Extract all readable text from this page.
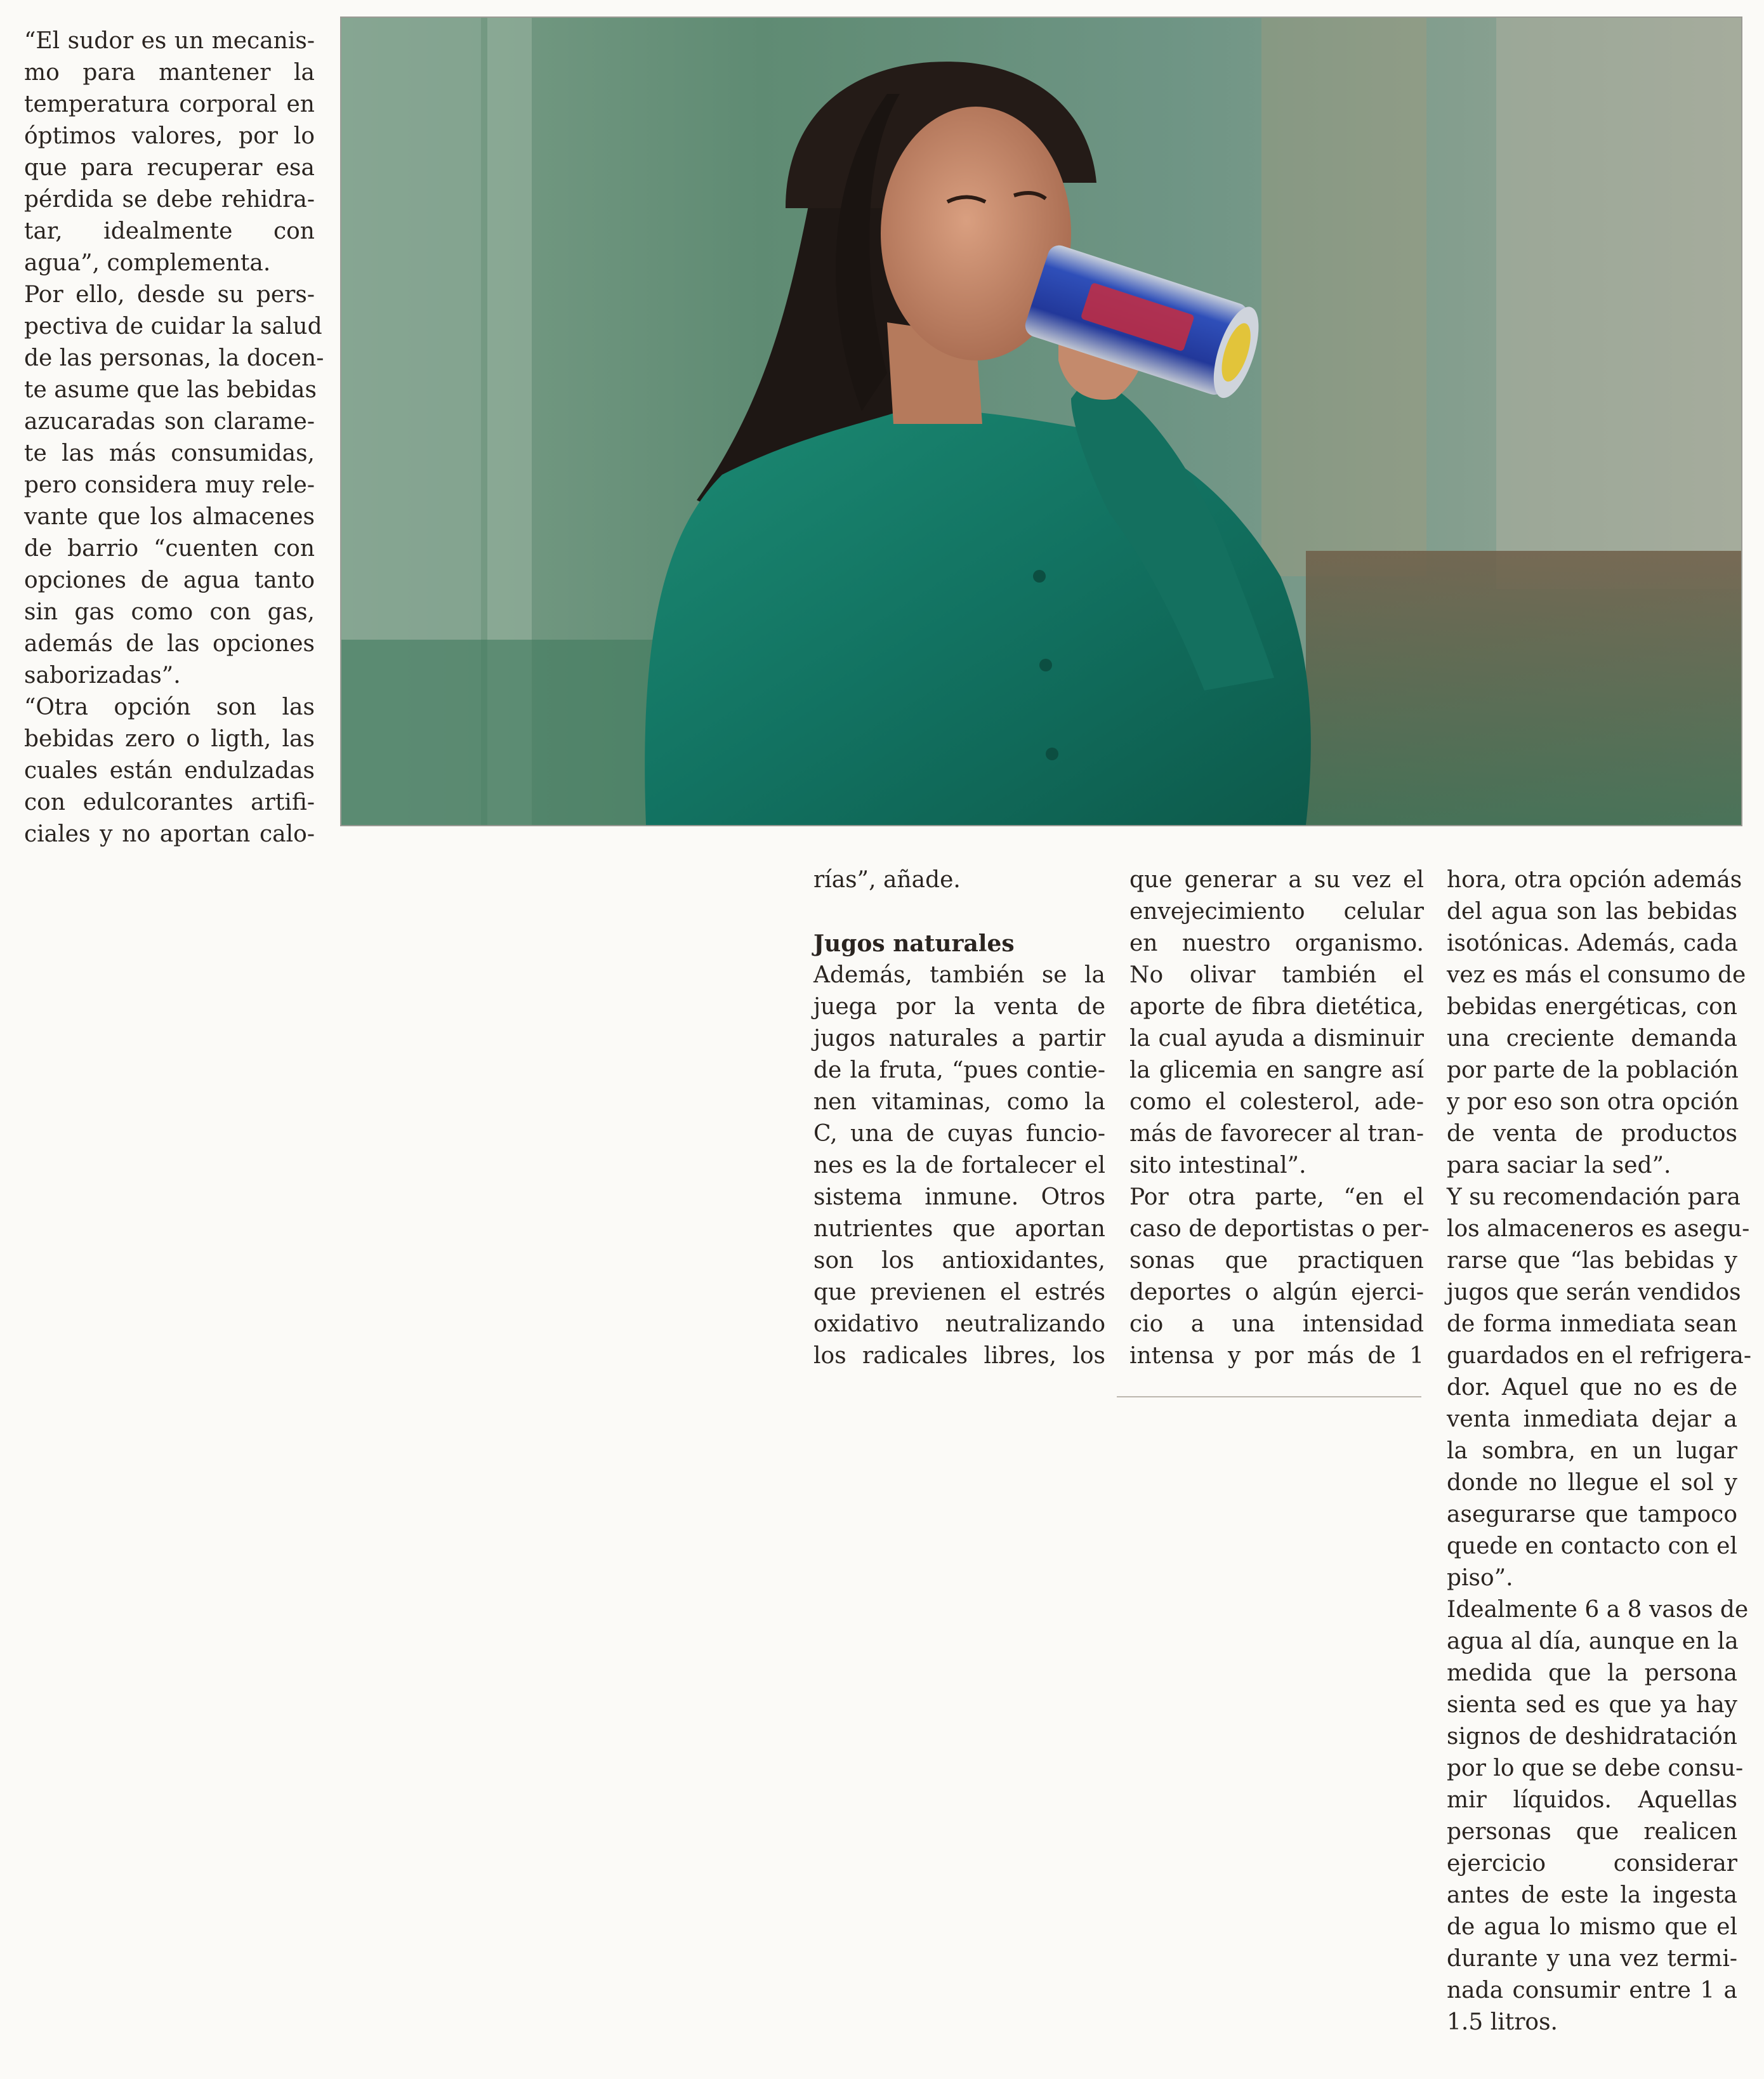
“El sudor es un mecanis-
mo para mantener la
temperatura corporal en
óptimos valores, por lo
que para recuperar esa
pérdida se debe rehidra-
tar, idealmente con
agua”, complementa.
Por ello, desde su pers-
pectiva de cuidar la salud
de las personas, la docen-
te asume que las bebidas
azucaradas son clarame-
te las más consumidas,
pero considera muy rele-
vante que los almacenes
de barrio “cuenten con
opciones de agua tanto
sin gas como con gas,
además de las opciones
saborizadas”.
“Otra opción son las
bebidas zero o ligth, las
cuales están endulzadas
con edulcorantes artifi-
ciales y no aportan calo-
rías”, añade.

Jugos naturales
Además, también se la
juega por la venta de
jugos naturales a partir
de la fruta, “pues contie-
nen vitaminas, como la
C, una de cuyas funcio-
nes es la de fortalecer el
sistema inmune. Otros
nutrientes que aportan
son los antioxidantes,
que previenen el estrés
oxidativo neutralizando
los radicales libres, los
que generar a su vez el
envejecimiento celular
en nuestro organismo.
No olivar también el
aporte de fibra dietética,
la cual ayuda a disminuir
la glicemia en sangre así
como el colesterol, ade-
más de favorecer al tran-
sito intestinal”.
Por otra parte, “en el
caso de deportistas o per-
sonas que practiquen
deportes o algún ejerci-
cio a una intensidad
intensa y por más de 1
hora, otra opción además
del agua son las bebidas
isotónicas. Además, cada
vez es más el consumo de
bebidas energéticas, con
una creciente demanda
por parte de la población
y por eso son otra opción
de venta de productos
para saciar la sed”.
Y su recomendación para
los almaceneros es asegu-
rarse que “las bebidas y
jugos que serán vendidos
de forma inmediata sean
guardados en el refrigera-
dor. Aquel que no es de
venta inmediata dejar a
la sombra, en un lugar
donde no llegue el sol y
asegurarse que tampoco
quede en contacto con el
piso”.
Idealmente 6 a 8 vasos de
agua al día, aunque en la
medida que la persona
sienta sed es que ya hay
signos de deshidratación
por lo que se debe consu-
mir líquidos. Aquellas
personas que realicen
ejercicio considerar
antes de este la ingesta
de agua lo mismo que el
durante y una vez termi-
nada consumir entre 1 a
1.5 litros.
